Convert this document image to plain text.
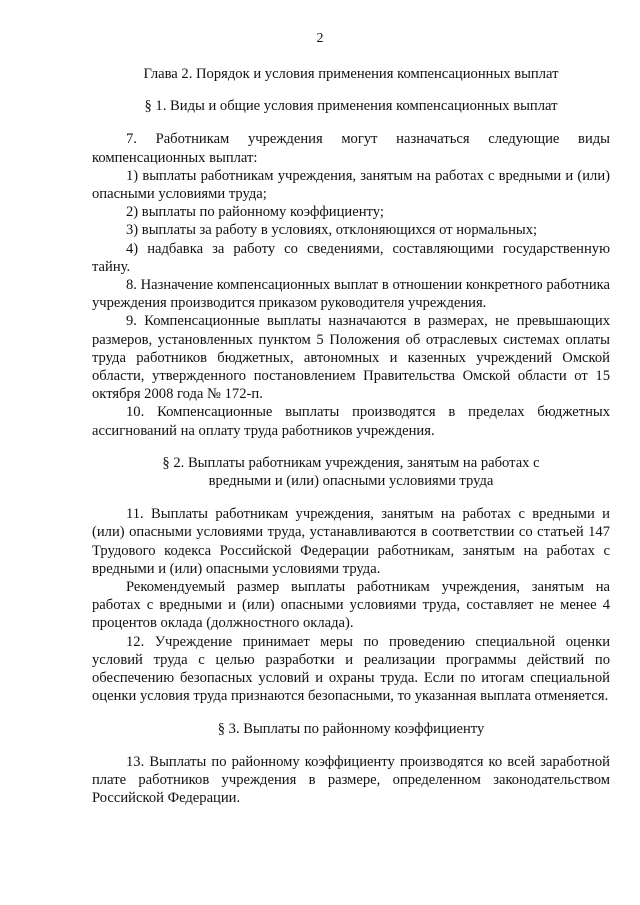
2

Глава 2. Порядок и условия применения компенсационных выплат

§ 1. Виды и общие условия применения компенсационных выплат

7. Работникам учреждения могут назначаться следующие виды компенсационных выплат:

1) выплаты работникам учреждения, занятым на работах с вредными и (или) опасными условиями труда;

2) выплаты по районному коэффициенту;

3) выплаты за работу в условиях, отклоняющихся от нормальных;

4) надбавка за работу со сведениями, составляющими государственную тайну.

8. Назначение компенсационных выплат в отношении конкретного работника учреждения производится приказом руководителя учреждения.

9. Компенсационные выплаты назначаются в размерах, не превышающих размеров, установленных пунктом 5 Положения об отраслевых системах оплаты труда работников бюджетных, автономных и казенных учреждений Омской области, утвержденного постановлением Правительства Омской области от 15 октября 2008 года № 172-п.

10. Компенсационные выплаты производятся в пределах бюджетных ассигнований на оплату труда работников учреждения.

§ 2. Выплаты работникам учреждения, занятым на работах с вредными и (или) опасными условиями труда

11. Выплаты работникам учреждения, занятым на работах с вредными и (или) опасными условиями труда, устанавливаются в соответствии со статьей 147 Трудового кодекса Российской Федерации работникам, занятым на работах с вредными и (или) опасными условиями труда.

Рекомендуемый размер выплаты работникам учреждения, занятым на работах с вредными и (или) опасными условиями труда, составляет не менее 4 процентов оклада (должностного оклада).

12. Учреждение принимает меры по проведению специальной оценки условий труда с целью разработки и реализации программы действий по обеспечению безопасных условий и охраны труда. Если по итогам специальной оценки условия труда признаются безопасными, то указанная выплата отменяется.

§ 3. Выплаты по районному коэффициенту

13. Выплаты по районному коэффициенту производятся ко всей заработной плате работников учреждения в размере, определенном законодательством Российской Федерации.
